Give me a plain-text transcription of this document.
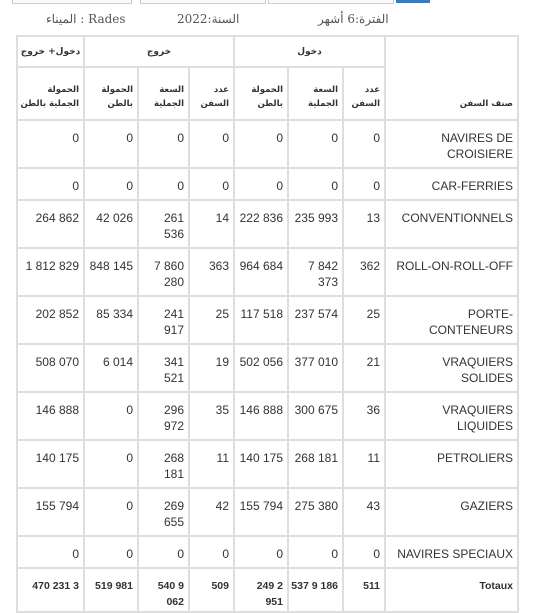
الفترة:6 أشهر
السنة:2022
الميناء : Rades
دخول+ خروج	خروج			دخول			صنف السفن
الحمولة الجملية بالطن	الحمولة بالطن	السعة الجملية	عدد السفن	الحمولة بالطن	السعة الجملية	عدد السفن	
0	0	0	0	0	0	0	NAVIRES DE CROISIERE
0	0	0	0	0	0	0	CAR-FERRIES
264 862	42 026	261 536	14	222 836	235 993	13	CONVENTIONNELS
1 812 829	848 145	7 860 280	363	964 684	7 842 373	362	ROLL-ON-ROLL-OFF
202 852	85 334	241 917	25	117 518	237 574	25	PORTE-CONTENEURS
508 070	6 014	341 521	19	502 056	377 010	21	VRAQUIERS SOLIDES
146 888	0	296 972	35	146 888	300 675	36	VRAQUIERS LIQUIDES
140 175	0	268 181	11	140 175	268 181	11	PETROLIERS
155 794	0	269 655	42	155 794	275 380	43	GAZIERS
0	0	0	0	0	0	0	NAVIRES SPECIAUX
470 231 3	519 981	540 9 062	509	249 2 951	537 9 186	511	Totaux
